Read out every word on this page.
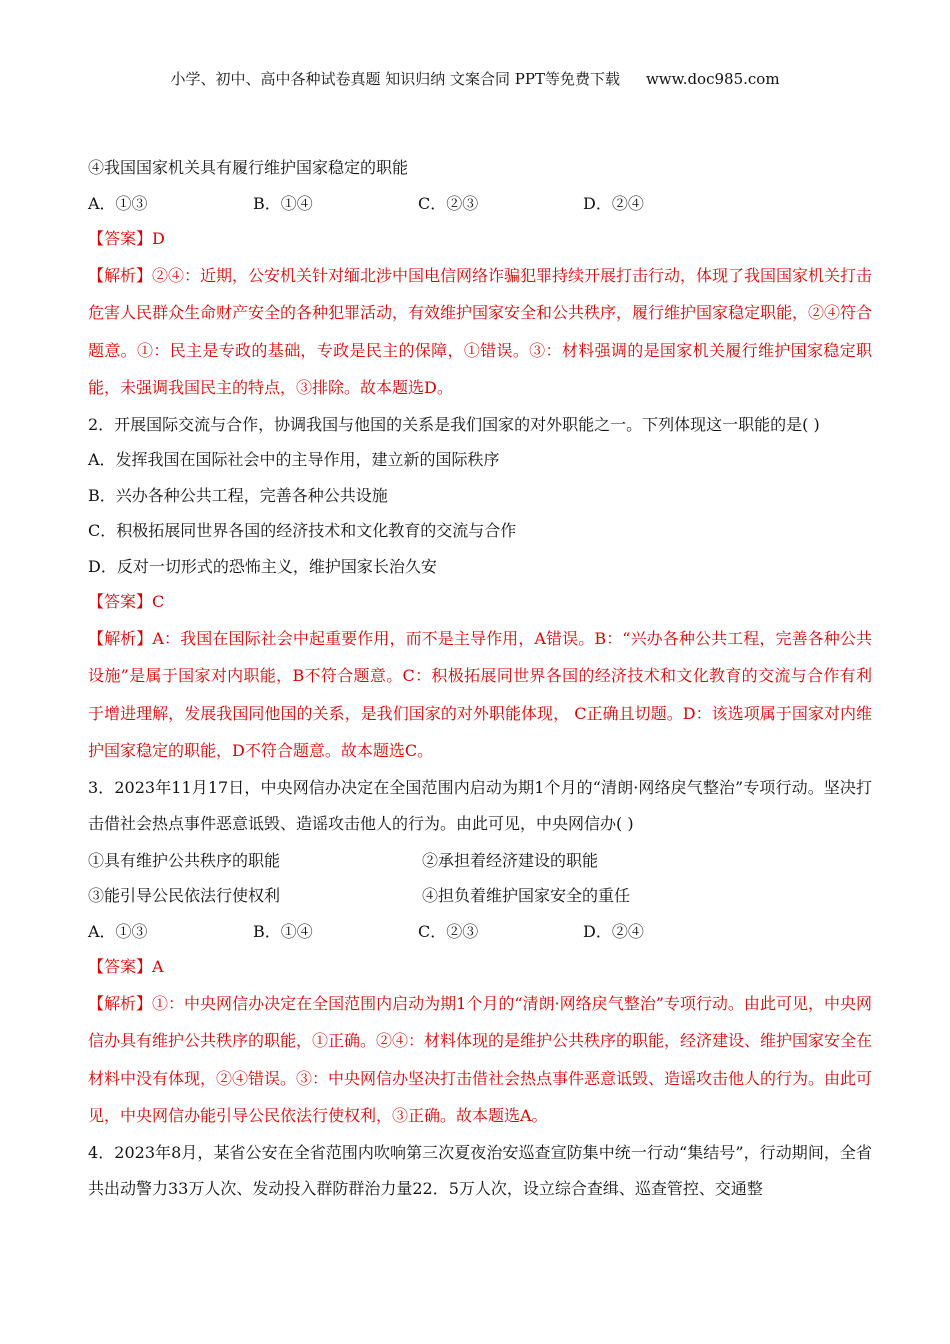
小学、初中、高中各种试卷真题 知识归纳 文案合同 PPT等免费下载 www.doc985.com
④我国国家机关具有履行维护国家稳定的职能
A．①③	B．①④	C．②③	D．②④
【答案】D
【解析】②④：近期，公安机关针对缅北涉中国电信网络诈骗犯罪持续开展打击行动，体现了我国国家机关打击危害人民群众生命财产安全的各种犯罪活动，有效维护国家安全和公共秩序，履行维护国家稳定职能，②④符合题意。①：民主是专政的基础，专政是民主的保障，①错误。③：材料强调的是国家机关履行维护国家稳定职能，未强调我国民主的特点，③排除。故本题选D。
2．开展国际交流与合作，协调我国与他国的关系是我们国家的对外职能之一。下列体现这一职能的是( )
A．发挥我国在国际社会中的主导作用，建立新的国际秩序
B．兴办各种公共工程，完善各种公共设施
C．积极拓展同世界各国的经济技术和文化教育的交流与合作
D．反对一切形式的恐怖主义，维护国家长治久安
【答案】C
【解析】A：我国在国际社会中起重要作用，而不是主导作用，A错误。B：“兴办各种公共工程，完善各种公共设施”是属于国家对内职能，B不符合题意。C：积极拓展同世界各国的经济技术和文化教育的交流与合作有利于增进理解，发展我国同他国的关系，是我们国家的对外职能体现， C正确且切题。D：该选项属于国家对内维护国家稳定的职能，D不符合题意。故本题选C。
3．2023年11月17日，中央网信办决定在全国范围内启动为期1个月的“清朗·网络戾气整治”专项行动。坚决打击借社会热点事件恶意诋毁、造谣攻击他人的行为。由此可见，中央网信办( )
①具有维护公共秩序的职能	②承担着经济建设的职能
③能引导公民依法行使权利	④担负着维护国家安全的重任
A．①③	B．①④	C．②③	D．②④
【答案】A
【解析】①：中央网信办决定在全国范围内启动为期1个月的“清朗·网络戾气整治”专项行动。由此可见，中央网信办具有维护公共秩序的职能，①正确。②④：材料体现的是维护公共秩序的职能，经济建设、维护国家安全在材料中没有体现，②④错误。③：中央网信办坚决打击借社会热点事件恶意诋毁、造谣攻击他人的行为。由此可见，中央网信办能引导公民依法行使权利，③正确。故本题选A。
4．2023年8月，某省公安在全省范围内吹响第三次夏夜治安巡查宣防集中统一行动“集结号”，行动期间，全省共出动警力33万人次、发动投入群防群治力量22．5万人次，设立综合查缉、巡查管控、交通整
